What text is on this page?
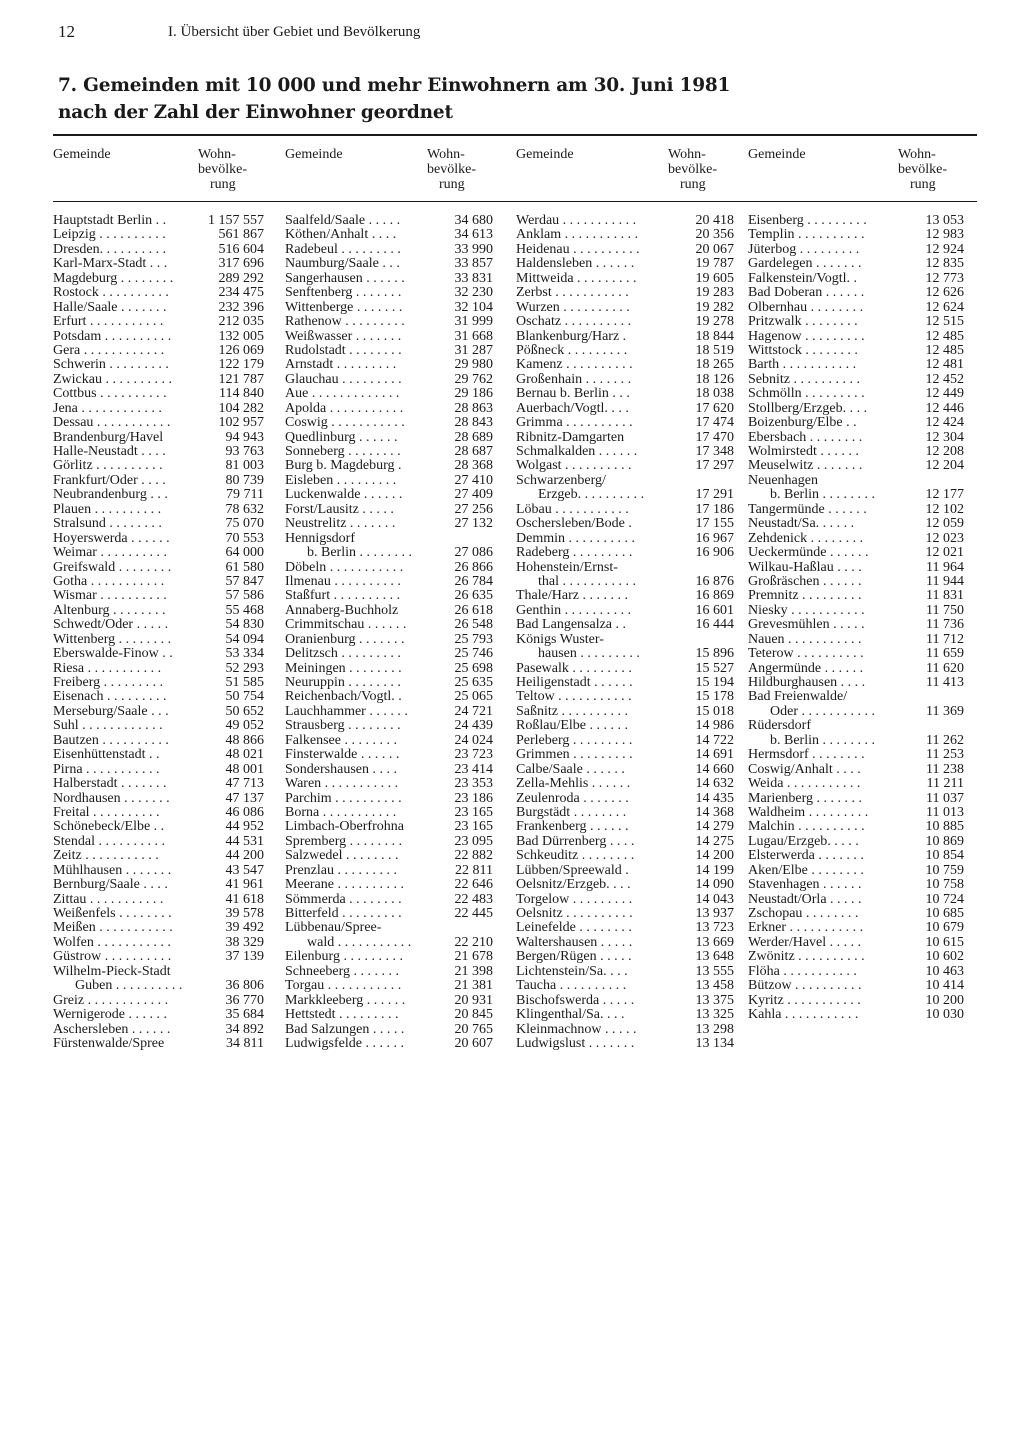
12	I. Übersicht über Gebiet und Bevölkerung
7. Gemeinden mit 10 000 und mehr Einwohnern am 30. Juni 1981
nach der Zahl der Einwohner geordnet
Gemeinde	Wohn-
bevölke-
rung
Hauptstadt Berlin . .	1 157 557
Leipzig . . . . . . . . . .	561 867
Dresden. . . . . . . . . .	516 604
Karl-Marx-Stadt . . .	317 696
Magdeburg . . . . . . . .	289 292
Rostock . . . . . . . . . .	234 475
Halle/Saale . . . . . . .	232 396
Erfurt . . . . . . . . . . .	212 035
Potsdam . . . . . . . . . .	132 005
Gera . . . . . . . . . . . .	126 069
Schwerin . . . . . . . . .	122 179
Zwickau . . . . . . . . . .	121 787
Cottbus . . . . . . . . . .	114 840
Jena . . . . . . . . . . . .	104 282
Dessau . . . . . . . . . . .	102 957
Brandenburg/Havel	94 943
Halle-Neustadt . . . .	93 763
Görlitz . . . . . . . . . .	81 003
Frankfurt/Oder . . . .	80 739
Neubrandenburg . . .	79 711
Plauen . . . . . . . . . .	78 632
Stralsund . . . . . . . .	75 070
Hoyerswerda . . . . . .	70 553
Weimar . . . . . . . . . .	64 000
Greifswald . . . . . . . .	61 580
Gotha . . . . . . . . . . .	57 847
Wismar . . . . . . . . . .	57 586
Altenburg . . . . . . . .	55 468
Schwedt/Oder . . . . .	54 830
Wittenberg . . . . . . . .	54 094
Eberswalde-Finow . .	53 334
Riesa . . . . . . . . . . .	52 293
Freiberg . . . . . . . . .	51 585
Eisenach . . . . . . . . .	50 754
Merseburg/Saale . . .	50 652
Suhl . . . . . . . . . . . .	49 052
Bautzen . . . . . . . . . .	48 866
Eisenhüttenstadt . .	48 021
Pirna . . . . . . . . . . .	48 001
Halberstadt . . . . . . .	47 713
Nordhausen . . . . . . .	47 137
Freital . . . . . . . . . .	46 086
Schönebeck/Elbe . .	44 952
Stendal . . . . . . . . . .	44 531
Zeitz . . . . . . . . . . .	44 200
Mühlhausen . . . . . . .	43 547
Bernburg/Saale . . . .	41 961
Zittau . . . . . . . . . . .	41 618
Weißenfels . . . . . . . .	39 578
Meißen . . . . . . . . . . .	39 492
Wolfen . . . . . . . . . . .	38 329
Güstrow . . . . . . . . . .	37 139
Wilhelm-Pieck-Stadt
Guben . . . . . . . . . .	36 806
Greiz . . . . . . . . . . . .	36 770
Wernigerode . . . . . .	35 684
Aschersleben . . . . . .	34 892
Fürstenwalde/Spree	34 811
Gemeinde	Wohn-
bevölke-
rung
Saalfeld/Saale . . . . .	34 680
Köthen/Anhalt . . . .	34 613
Radebeul . . . . . . . . .	33 990
Naumburg/Saale . . .	33 857
Sangerhausen . . . . . .	33 831
Senftenberg . . . . . . .	32 230
Wittenberge . . . . . . .	32 104
Rathenow . . . . . . . . .	31 999
Weißwasser . . . . . . .	31 668
Rudolstadt . . . . . . . .	31 287
Arnstadt . . . . . . . . .	29 980
Glauchau . . . . . . . . .	29 762
Aue . . . . . . . . . . . . .	29 186
Apolda . . . . . . . . . . .	28 863
Coswig . . . . . . . . . . .	28 843
Quedlinburg . . . . . .	28 689
Sonneberg . . . . . . . .	28 687
Burg b. Magdeburg .	28 368
Eisleben . . . . . . . . .	27 410
Luckenwalde . . . . . .	27 409
Forst/Lausitz . . . . .	27 256
Neustrelitz . . . . . . .	27 132
Hennigsdorf
b. Berlin . . . . . . . .	27 086
Döbeln . . . . . . . . . . .	26 866
Ilmenau . . . . . . . . . .	26 784
Staßfurt . . . . . . . . . .	26 635
Annaberg-Buchholz	26 618
Crimmitschau . . . . . .	26 548
Oranienburg . . . . . . .	25 793
Delitzsch . . . . . . . . .	25 746
Meiningen . . . . . . . .	25 698
Neuruppin . . . . . . . .	25 635
Reichenbach/Vogtl. .	25 065
Lauchhammer . . . . . .	24 721
Strausberg . . . . . . . .	24 439
Falkensee . . . . . . . .	24 024
Finsterwalde . . . . . .	23 723
Sondershausen . . . .	23 414
Waren . . . . . . . . . . .	23 353
Parchim . . . . . . . . . .	23 186
Borna . . . . . . . . . . .	23 165
Limbach-Oberfrohna	23 165
Spremberg . . . . . . . .	23 095
Salzwedel . . . . . . . .	22 882
Prenzlau . . . . . . . . .	22 811
Meerane . . . . . . . . . .	22 646
Sömmerda . . . . . . . .	22 483
Bitterfeld . . . . . . . . .	22 445
Lübbenau/Spree-
wald . . . . . . . . . . .	22 210
Eilenburg . . . . . . . . .	21 678
Schneeberg . . . . . . .	21 398
Torgau . . . . . . . . . . .	21 381
Markkleeberg . . . . . .	20 931
Hettstedt . . . . . . . . .	20 845
Bad Salzungen . . . . .	20 765
Ludwigsfelde . . . . . .	20 607
Gemeinde	Wohn-
bevölke-
rung
Werdau . . . . . . . . . . .	20 418
Anklam . . . . . . . . . . .	20 356
Heidenau . . . . . . . . . .	20 067
Haldensleben . . . . . .	19 787
Mittweida . . . . . . . . .	19 605
Zerbst . . . . . . . . . . .	19 283
Wurzen . . . . . . . . . .	19 282
Oschatz . . . . . . . . . .	19 278
Blankenburg/Harz .	18 844
Pößneck . . . . . . . . .	18 519
Kamenz . . . . . . . . . .	18 265
Großenhain . . . . . . .	18 126
Bernau b. Berlin . . .	18 038
Auerbach/Vogtl. . . .	17 620
Grimma . . . . . . . . . .	17 474
Ribnitz-Damgarten	17 470
Schmalkalden . . . . . .	17 348
Wolgast . . . . . . . . . .	17 297
Schwarzenberg/
Erzgeb. . . . . . . . . .	17 291
Löbau . . . . . . . . . . .	17 186
Oschersleben/Bode .	17 155
Demmin . . . . . . . . . .	16 967
Radeberg . . . . . . . . .	16 906
Hohenstein/Ernst-
thal . . . . . . . . . . .	16 876
Thale/Harz . . . . . . .	16 869
Genthin . . . . . . . . . .	16 601
Bad Langensalza . .	16 444
Königs Wuster-
hausen . . . . . . . . .	15 896
Pasewalk . . . . . . . . .	15 527
Heiligenstadt . . . . . .	15 194
Teltow . . . . . . . . . . .	15 178
Saßnitz . . . . . . . . . .	15 018
Roßlau/Elbe . . . . . .	14 986
Perleberg . . . . . . . . .	14 722
Grimmen . . . . . . . . .	14 691
Calbe/Saale . . . . . .	14 660
Zella-Mehlis . . . . . .	14 632
Zeulenroda . . . . . . .	14 435
Burgstädt . . . . . . . .	14 368
Frankenberg . . . . . .	14 279
Bad Dürrenberg . . . .	14 275
Schkeuditz . . . . . . . .	14 200
Lübben/Spreewald .	14 199
Oelsnitz/Erzgeb. . . .	14 090
Torgelow . . . . . . . . .	14 043
Oelsnitz . . . . . . . . . .	13 937
Leinefelde . . . . . . . .	13 723
Waltershausen . . . . .	13 669
Bergen/Rügen . . . . .	13 648
Lichtenstein/Sa. . . .	13 555
Taucha . . . . . . . . . .	13 458
Bischofswerda . . . . .	13 375
Klingenthal/Sa. . . .	13 325
Kleinmachnow . . . . .	13 298
Ludwigslust . . . . . . .	13 134
Gemeinde	Wohn-
bevölke-
rung
Eisenberg . . . . . . . . .	13 053
Templin . . . . . . . . . .	12 983
Jüterbog . . . . . . . . .	12 924
Gardelegen . . . . . . .	12 835
Falkenstein/Vogtl. .	12 773
Bad Doberan . . . . . .	12 626
Olbernhau . . . . . . . .	12 624
Pritzwalk . . . . . . . .	12 515
Hagenow . . . . . . . . .	12 485
Wittstock . . . . . . . .	12 485
Barth . . . . . . . . . . .	12 481
Sebnitz . . . . . . . . . .	12 452
Schmölln . . . . . . . . .	12 449
Stollberg/Erzgeb. . . .	12 446
Boizenburg/Elbe . .	12 424
Ebersbach . . . . . . . .	12 304
Wolmirstedt . . . . . .	12 208
Meuselwitz . . . . . . .	12 204
Neuenhagen
b. Berlin . . . . . . . .	12 177
Tangermünde . . . . . .	12 102
Neustadt/Sa. . . . . .	12 059
Zehdenick . . . . . . . .	12 023
Ueckermünde . . . . . .	12 021
Wilkau-Haßlau . . . .	11 964
Großräschen . . . . . .	11 944
Premnitz . . . . . . . . .	11 831
Niesky . . . . . . . . . . .	11 750
Grevesmühlen . . . . .	11 736
Nauen . . . . . . . . . . .	11 712
Teterow . . . . . . . . . .	11 659
Angermünde . . . . . .	11 620
Hildburghausen . . . .	11 413
Bad Freienwalde/
Oder . . . . . . . . . . .	11 369
Rüdersdorf
b. Berlin . . . . . . . .	11 262
Hermsdorf . . . . . . . .	11 253
Coswig/Anhalt . . . .	11 238
Weida . . . . . . . . . . .	11 211
Marienberg . . . . . . .	11 037
Waldheim . . . . . . . . .	11 013
Malchin . . . . . . . . . .	10 885
Lugau/Erzgeb. . . . .	10 869
Elsterwerda . . . . . . .	10 854
Aken/Elbe . . . . . . . .	10 759
Stavenhagen . . . . . .	10 758
Neustadt/Orla . . . . .	10 724
Zschopau . . . . . . . .	10 685
Erkner . . . . . . . . . . .	10 679
Werder/Havel . . . . .	10 615
Zwönitz . . . . . . . . . .	10 602
Flöha . . . . . . . . . . .	10 463
Bützow . . . . . . . . . .	10 414
Kyritz . . . . . . . . . . .	10 200
Kahla . . . . . . . . . . .	10 030
